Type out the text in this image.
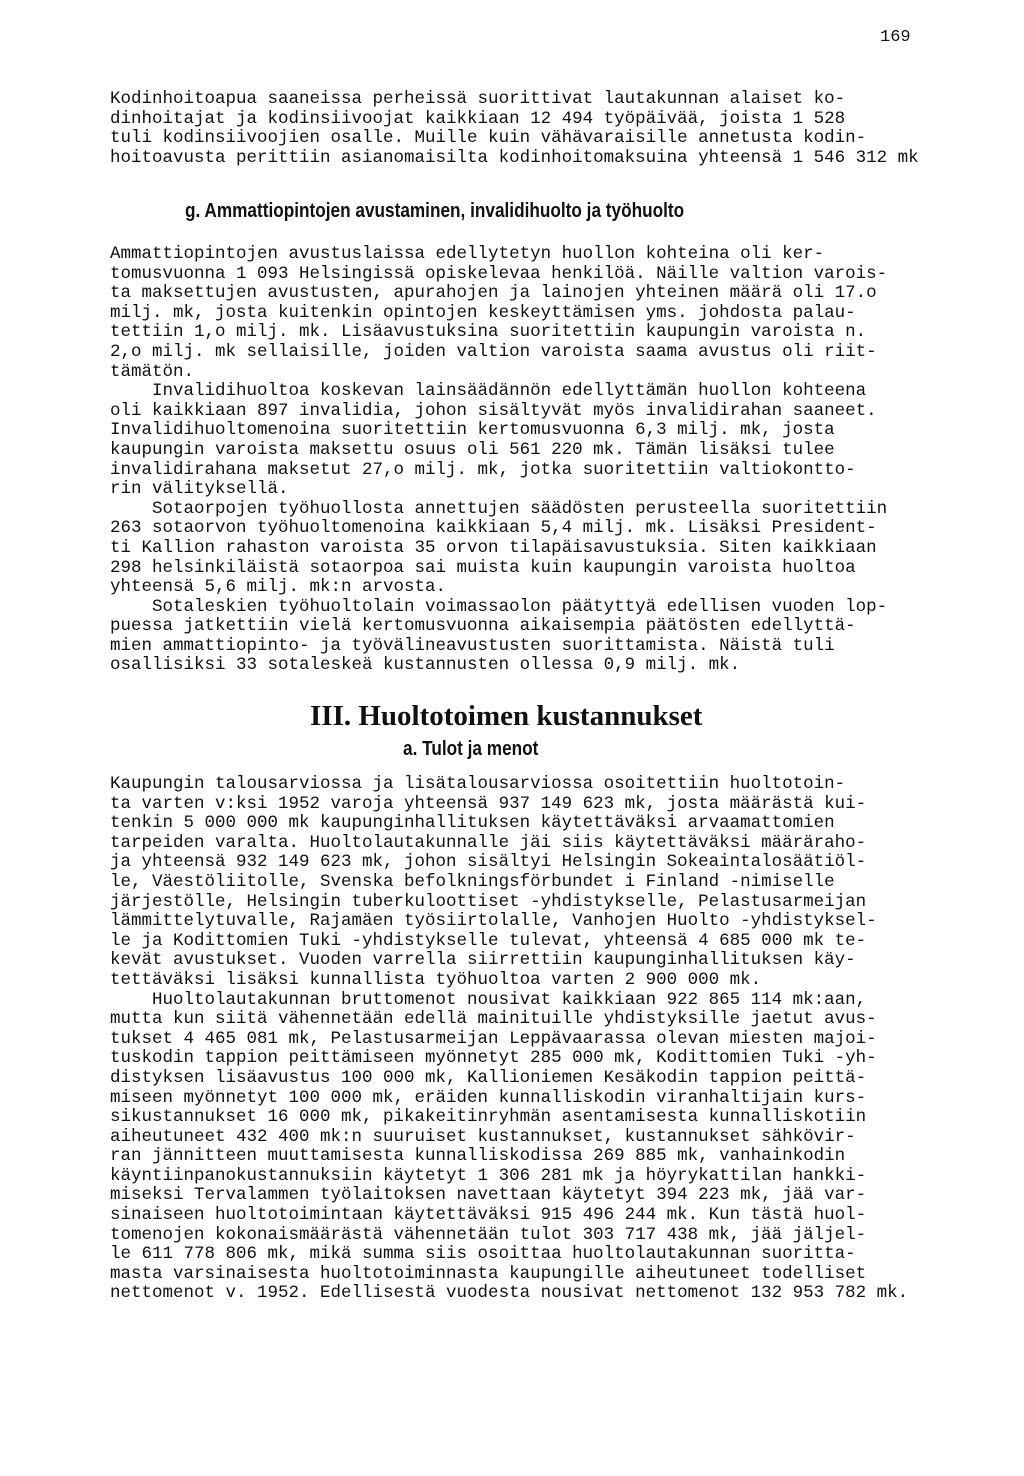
169
Kodinhoitoapua saaneissa perheissä suorittivat lautakunnan alaiset ko-
dinhoitajat ja kodinsiivoojat kaikkiaan 12 494 työpäivää, joista 1 528
tuli kodinsiivoojien osalle. Muille kuin vähävaraisille annetusta kodin-
hoitoavusta perittiin asianomaisilta kodinhoitomaksuina yhteensä 1 546 312 mk
g. Ammattiopintojen avustaminen, invalidihuolto ja työhuolto
Ammattiopintojen avustuslaissa edellytetyn huollon kohteina oli ker-
tomusvuonna 1 093 Helsingissä opiskelevaa henkilöä. Näille valtion varois-
ta maksettujen avustusten, apurahojen ja lainojen yhteinen määrä oli 17.o
milj. mk, josta kuitenkin opintojen keskeyttämisen yms. johdosta palau-
tettiin 1,o milj. mk. Lisäavustuksina suoritettiin kaupungin varoista n.
2,o milj. mk sellaisille, joiden valtion varoista saama avustus oli riit-
tämätön.
Invalidihuoltoa koskevan lainsäädännön edellyttämän huollon kohteena
oli kaikkiaan 897 invalidia, johon sisältyvät myös invalidirahan saaneet.
Invalidihuoltomenoina suoritettiin kertomusvuonna 6,3 milj. mk, josta
kaupungin varoista maksettu osuus oli 561 220 mk. Tämän lisäksi tulee
invalidirahana maksetut 27,o milj. mk, jotka suoritettiin valtiokontto-
rin välityksellä.
Sotaorpojen työhuollosta annettujen säädösten perusteella suoritettiin
263 sotaorvon työhuoltomenoina kaikkiaan 5,4 milj. mk. Lisäksi President-
ti Kallion rahaston varoista 35 orvon tilapäisavustuksia. Siten kaikkiaan
298 helsinkiläistä sotaorpoa sai muista kuin kaupungin varoista huoltoa
yhteensä 5,6 milj. mk:n arvosta.
Sotaleskien työhuoltolain voimassaolon päätyttyä edellisen vuoden lop-
puessa jatkettiin vielä kertomusvuonna aikaisempia päätösten edellyttä-
mien ammattiopinto- ja työvälineavustusten suorittamista. Näistä tuli
osallisiksi 33 sotaleskeä kustannusten ollessa 0,9 milj. mk.
III. Huoltotoimen kustannukset
a. Tulot ja menot
Kaupungin talousarviossa ja lisätalousarviossa osoitettiin huoltotoin-
ta varten v:ksi 1952 varoja yhteensä 937 149 623 mk, josta määrästä kui-
tenkin 5 000 000 mk kaupunginhallituksen käytettäväksi arvaamattomien
tarpeiden varalta. Huoltolautakunnalle jäi siis käytettäväksi määräraho-
ja yhteensä 932 149 623 mk, johon sisältyi Helsingin Sokeaintalosäätiöl-
le, Väestöliitolle, Svenska befolkningsförbundet i Finland -nimiselle
järjestölle, Helsingin tuberkuloottiset -yhdistykselle, Pelastusarmeijan
lämmittelytuvalle, Rajamäen työsiirtolalle, Vanhojen Huolto -yhdistyksel-
le ja Kodittomien Tuki -yhdistykselle tulevat, yhteensä 4 685 000 mk te-
kevät avustukset. Vuoden varrella siirrettiin kaupunginhallituksen käy-
tettäväksi lisäksi kunnallista työhuoltoa varten 2 900 000 mk.
Huoltolautakunnan bruttomenot nousivat kaikkiaan 922 865 114 mk:aan,
mutta kun siitä vähennetään edellä mainituille yhdistyksille jaetut avus-
tukset 4 465 081 mk, Pelastusarmeijan Leppävaarassa olevan miesten majoi-
tuskodin tappion peittämiseen myönnetyt 285 000 mk, Kodittomien Tuki -yh-
distyksen lisäavustus 100 000 mk, Kallioniemen Kesäkodin tappion peittä-
miseen myönnetyt 100 000 mk, eräiden kunnalliskodin viranhaltijain kurs-
sikustannukset 16 000 mk, pikakeitinryhmän asentamisesta kunnalliskotiin
aiheutuneet 432 400 mk:n suuruiset kustannukset, kustannukset sähkövir-
ran jännitteen muuttamisesta kunnalliskodissa 269 885 mk, vanhainkodin
käyntiinpanokustannuksiin käytetyt 1 306 281 mk ja höyrykattilan hankki-
miseksi Tervalammen työlaitoksen navettaan käytetyt 394 223 mk, jää var-
sinaiseen huoltotoimintaan käytettäväksi 915 496 244 mk. Kun tästä huol-
tomenojen kokonaismäärästä vähennetään tulot 303 717 438 mk, jää jäljel-
le 611 778 806 mk, mikä summa siis osoittaa huoltolautakunnan suoritta-
masta varsinaisesta huoltotoiminnasta kaupungille aiheutuneet todelliset
nettomenot v. 1952. Edellisestä vuodesta nousivat nettomenot 132 953 782 mk.
